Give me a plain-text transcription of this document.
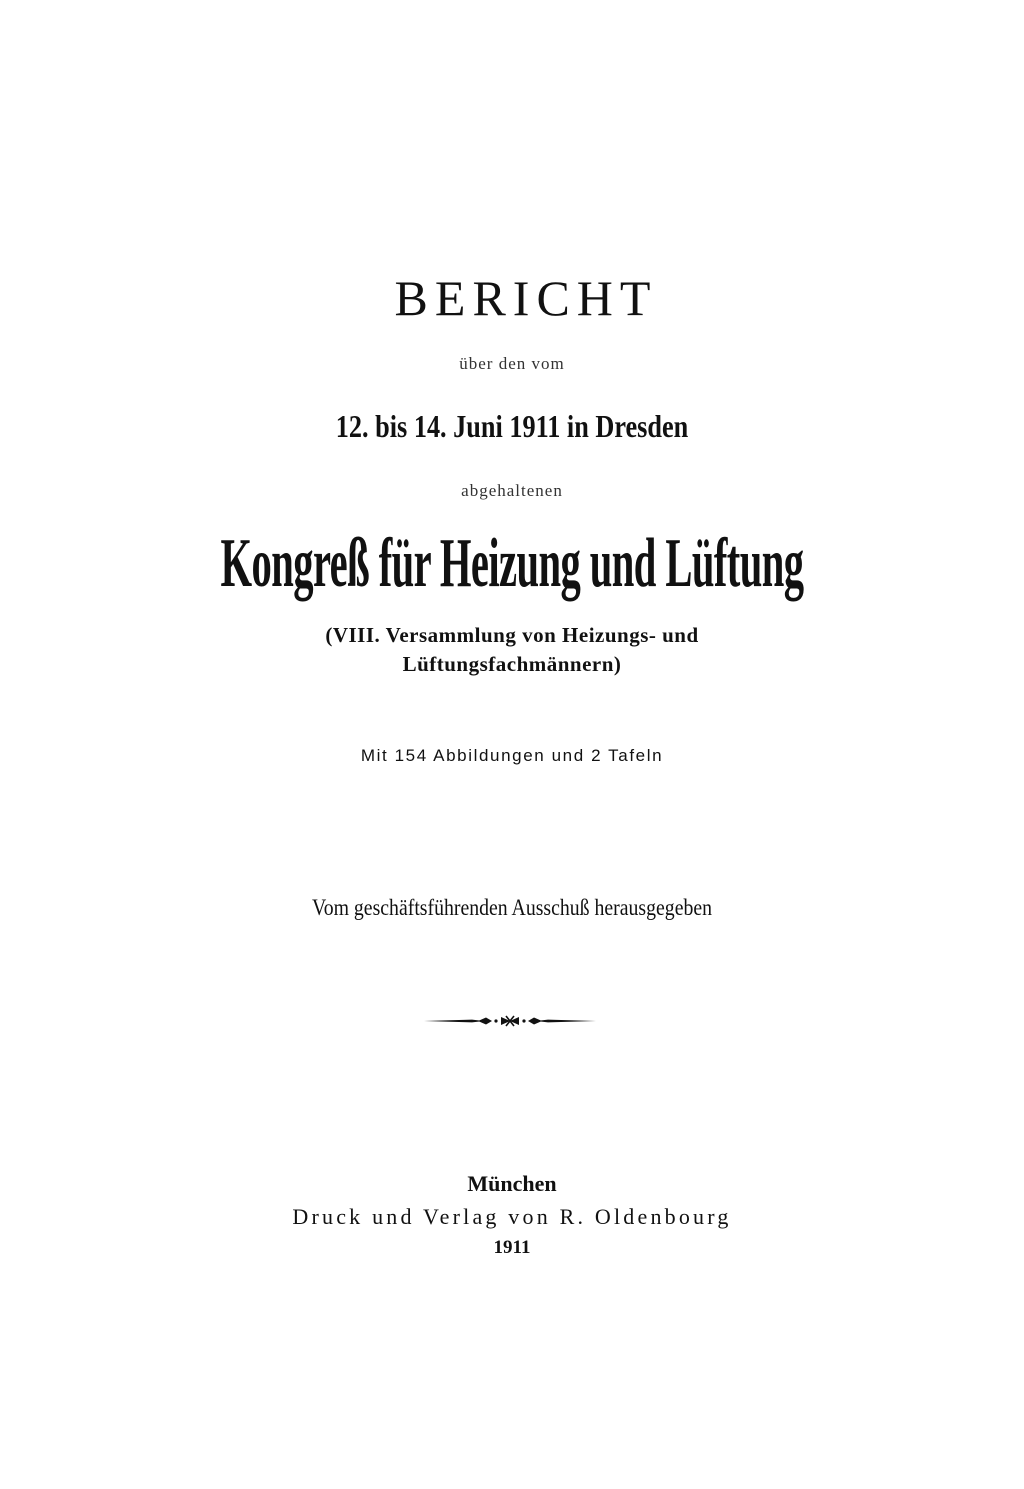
BERICHT
über den vom
12. bis 14. Juni 1911 in Dresden
abgehaltenen
Kongreß für Heizung und Lüftung
(VIII. Versammlung von Heizungs- und
Lüftungsfachmännern)
Mit 154 Abbildungen und 2 Tafeln
Vom geschäftsführenden Ausschuß herausgegeben
München
Druck und Verlag von R. Oldenbourg
1911
